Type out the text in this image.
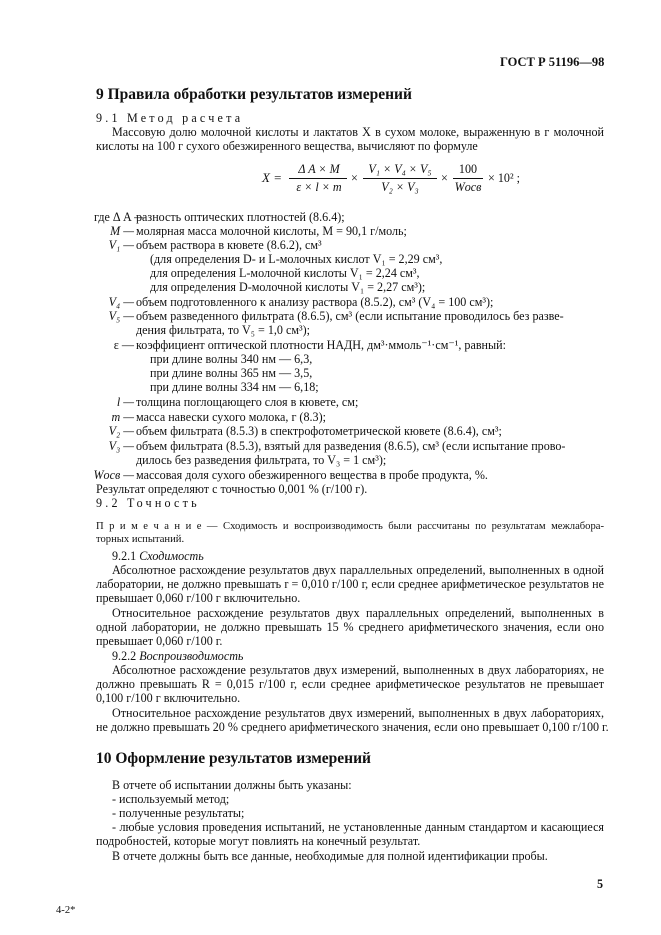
ГОСТ Р 51196—98
9 Правила обработки результатов измерений
9.1 Метод расчета
Массовую долю молочной кислоты и лактатов X в сухом молоке, выраженную в г молочной
кислоты на 100 г сухого обезжиренного вещества, вычисляют по формуле
X =
Δ A × M
ε × l × m
×
V₁ × V₄ × V₅
V₂ × V₃
×
100
Wосв
× 10² ;
где Δ A —
разность оптических плотностей (8.6.4);
M — молярная масса молочной кислоты, M = 90,1 г/моль;
V₁ — объем раствора в кювете (8.6.2), см³
(для определения D- и L-молочных кислот V₁ = 2,29 см³,
для определения L-молочной кислоты V₁ = 2,24 см³,
для определения D-молочной кислоты V₁ = 2,27 см³);
V₄ — объем подготовленного к анализу раствора (8.5.2), см³ (V₄ = 100 см³);
V₅ — объем разведенного фильтрата (8.6.5), см³ (если испытание проводилось без разве-
дения фильтрата, то V₅ = 1,0 см³);
ε — коэффициент оптической плотности НАДН, дм³·ммоль⁻¹·см⁻¹, равный:
при длине волны 340 нм — 6,3,
при длине волны 365 нм — 3,5,
при длине волны 334 нм — 6,18;
l — толщина поглощающего слоя в кювете, см;
m — масса навески сухого молока, г (8.3);
V₂ — объем фильтрата (8.5.3) в спектрофотометрической кювете (8.6.4), см³;
V₃ — объем фильтрата (8.5.3), взятый для разведения (8.6.5), см³ (если испытание прово-
дилось без разведения фильтрата, то V₃ = 1 см³);
Wосв — массовая доля сухого обезжиренного вещества в пробе продукта, %.
Результат определяют с точностью 0,001 % (г/100 г).
9.2 Точность
П р и м е ч а н и е — Сходимость и воспроизводимость были рассчитаны по результатам межлабора-
торных испытаний.
9.2.1 Сходимость
Абсолютное расхождение результатов двух параллельных определений, выполненных в одной
лаборатории, не должно превышать r = 0,010 г/100 г, если среднее арифметическое результатов не
превышает 0,060 г/100 г включительно.
Относительное расхождение результатов двух параллельных определений, выполненных в
одной лаборатории, не должно превышать 15 % среднего арифметического значения, если оно
превышает 0,060 г/100 г.
9.2.2 Воспроизводимость
Абсолютное расхождение результатов двух измерений, выполненных в двух лабораториях, не
должно превышать R = 0,015 г/100 г, если среднее арифметическое результатов не превышает
0,100 г/100 г включительно.
Относительное расхождение результатов двух измерений, выполненных в двух лабораториях,
не должно превышать 20 % среднего арифметического значения, если оно превышает 0,100 г/100 г.
10 Оформление результатов измерений
В отчете об испытании должны быть указаны:
- используемый метод;
- полученные результаты;
- любые условия проведения испытаний, не установленные данным стандартом и касающиеся
подробностей, которые могут повлиять на конечный результат.
В отчете должны быть все данные, необходимые для полной идентификации пробы.
5
4-2*
